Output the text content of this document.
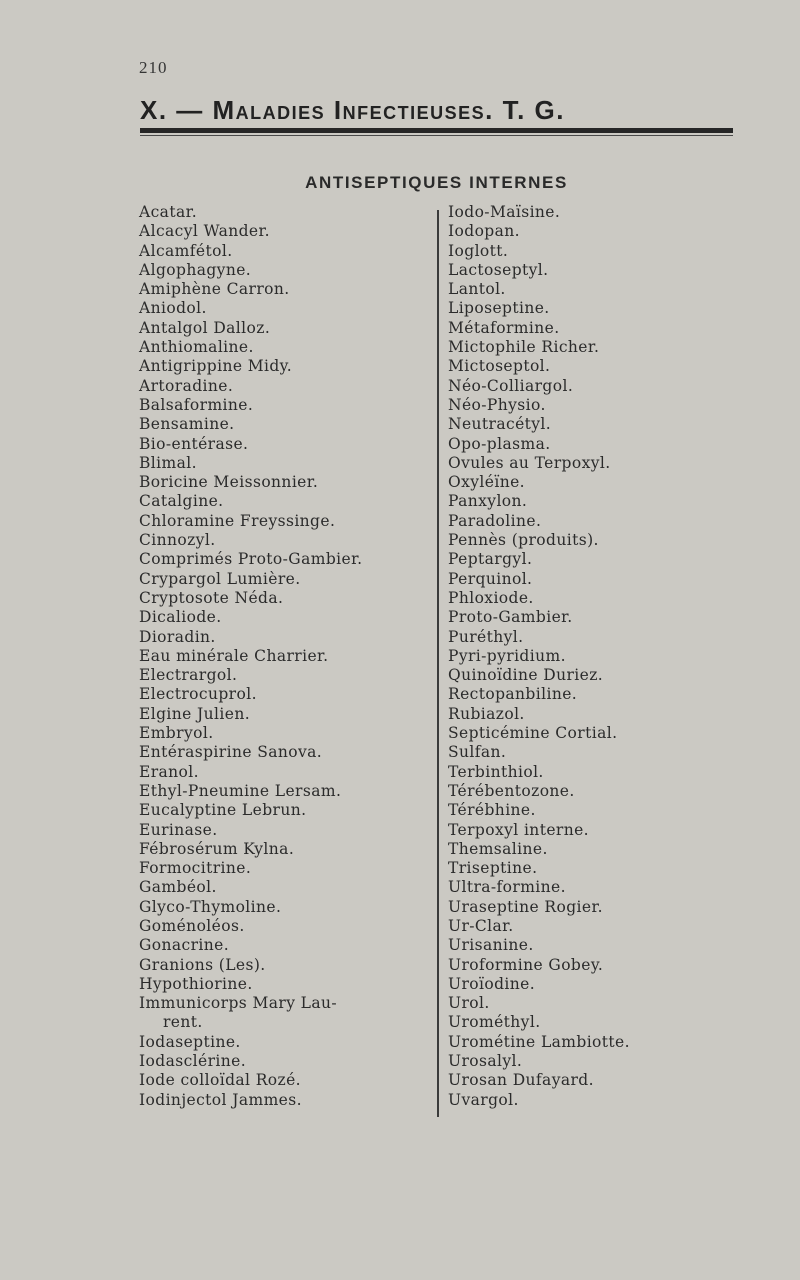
210
X. — Maladies Infectieuses. T. G.
ANTISEPTIQUES INTERNES
Acatar.
Alcacyl Wander.
Alcamfétol.
Algophagyne.
Amiphène Carron.
Aniodol.
Antalgol Dalloz.
Anthiomaline.
Antigrippine Midy.
Artoradine.
Balsaformine.
Bensamine.
Bio-entérase.
Blimal.
Boricine Meissonnier.
Catalgine.
Chloramine Freyssinge.
Cinnozyl.
Comprimés Proto-Gambier.
Crypargol Lumière.
Cryptosote Néda.
Dicaliode.
Dioradin.
Eau minérale Charrier.
Electrargol.
Electrocuprol.
Elgine Julien.
Embryol.
Entéraspirine Sanova.
Eranol.
Ethyl-Pneumine Lersam.
Eucalyptine Lebrun.
Eurinase.
Fébrosérum Kylna.
Formocitrine.
Gambéol.
Glyco-Thymoline.
Goménoléos.
Gonacrine.
Granions (Les).
Hypothiorine.
Immunicorps Mary Lau-
rent.
Iodaseptine.
Iodasclérine.
Iode colloïdal Rozé.
Iodinjectol Jammes.
Iodo-Maïsine.
Iodopan.
Ioglott.
Lactoseptyl.
Lantol.
Liposeptine.
Métaformine.
Mictophile Richer.
Mictoseptol.
Néo-Colliargol.
Néo-Physio.
Neutracétyl.
Opo-plasma.
Ovules au Terpoxyl.
Oxyléïne.
Panxylon.
Paradoline.
Pennès (produits).
Peptargyl.
Perquinol.
Phloxiode.
Proto-Gambier.
Puréthyl.
Pyri-pyridium.
Quinoïdine Duriez.
Rectopanbiline.
Rubiazol.
Septicémine Cortial.
Sulfan.
Terbinthiol.
Térébentozone.
Térébhine.
Terpoxyl interne.
Themsaline.
Triseptine.
Ultra-formine.
Uraseptine Rogier.
Ur-Clar.
Urisanine.
Uroformine Gobey.
Uroïodine.
Urol.
Urométhyl.
Urométine Lambiotte.
Urosalyl.
Urosan Dufayard.
Uvargol.
